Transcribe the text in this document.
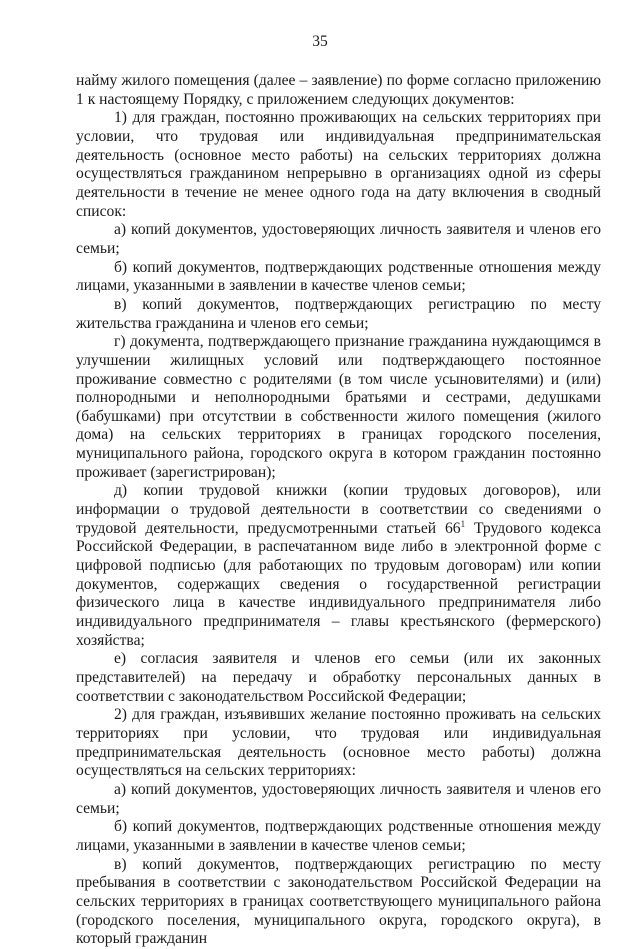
35

найму жилого помещения (далее – заявление) по форме согласно приложению 1 к настоящему Порядку, с приложением следующих документов:

1) для граждан, постоянно проживающих на сельских территориях при условии, что трудовая или индивидуальная предпринимательская деятельность (основное место работы) на сельских территориях должна осуществляться гражданином непрерывно в организациях одной из сферы деятельности в течение не менее одного года на дату включения в сводный список:

а) копий документов, удостоверяющих личность заявителя и членов его семьи;

б) копий документов, подтверждающих родственные отношения между лицами, указанными в заявлении в качестве членов семьи;

в) копий документов, подтверждающих регистрацию по месту жительства гражданина и членов его семьи;

г) документа, подтверждающего признание гражданина нуждающимся в улучшении жилищных условий или подтверждающего постоянное проживание совместно с родителями (в том числе усыновителями) и (или) полнородными и неполнородными братьями и сестрами, дедушками (бабушками) при отсутствии в собственности жилого помещения (жилого дома) на сельских территориях в границах городского поселения, муниципального района, городского округа в котором гражданин постоянно проживает (зарегистрирован);

д) копии трудовой книжки (копии трудовых договоров), или информации о трудовой деятельности в соответствии со сведениями о трудовой деятельности, предусмотренными статьей $66^1$ Трудового кодекса Российской Федерации, в распечатанном виде либо в электронной форме с цифровой подписью (для работающих по трудовым договорам) или копии документов, содержащих сведения о государственной регистрации физического лица в качестве индивидуального предпринимателя либо индивидуального предпринимателя – главы крестьянского (фермерского) хозяйства;

е) согласия заявителя и членов его семьи (или их законных представителей) на передачу и обработку персональных данных в соответствии с законодательством Российской Федерации;

2) для граждан, изъявивших желание постоянно проживать на сельских территориях при условии, что трудовая или индивидуальная предпринимательская деятельность (основное место работы) должна осуществляться на сельских территориях:

а) копий документов, удостоверяющих личность заявителя и членов его семьи;

б) копий документов, подтверждающих родственные отношения между лицами, указанными в заявлении в качестве членов семьи;

в) копий документов, подтверждающих регистрацию по месту пребывания в соответствии с законодательством Российской Федерации на сельских территориях в границах соответствующего муниципального района (городского поселения, муниципального округа, городского округа), в который гражданин
